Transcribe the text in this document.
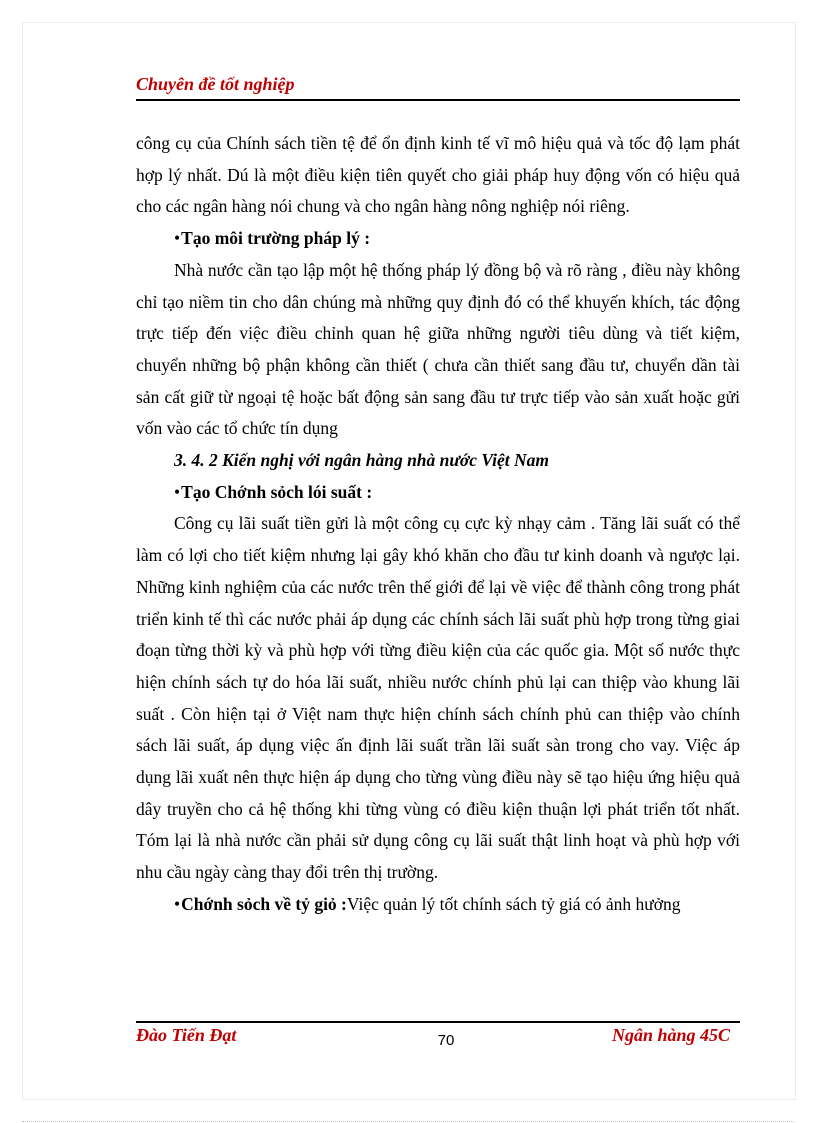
Chuyên đề tốt nghiệp

công cụ của Chính sách tiền tệ để ổn định kinh tế vĩ mô hiệu quả và tốc độ lạm phát hợp lý nhất. Dú là một điều kiện tiên quyết cho giải pháp huy động vốn có hiệu quả cho các ngân hàng nói chung và cho ngân hàng nông nghiệp nói riêng.

•Tạo môi trường pháp lý :

Nhà nước cần tạo lập một hệ thống pháp lý đồng bộ và rõ ràng , điều này không chỉ tạo niềm tin cho dân chúng mà những quy định đó có thể khuyến khích, tác động trực tiếp đến việc điều chỉnh quan hệ giữa những người tiêu dùng và tiết kiệm, chuyển những bộ phận không cần thiết ( chưa cần thiết sang đầu tư, chuyển dần tài sản cất giữ từ ngoại tệ hoặc bất động sản sang đầu tư trực tiếp vào sản xuất hoặc gửi vốn vào các tổ chức tín dụng

3. 4. 2 Kiến nghị với ngân hàng nhà nước Việt Nam

•Tạo Chớnh sỏch lói suất :

Công cụ lãi suất tiền gửi là một công cụ cực kỳ nhạy cảm . Tăng lãi suất có thể làm có lợi cho tiết kiệm nhưng lại gây khó khăn cho đầu tư kinh doanh và ngược lại. Những kinh nghiệm của các nước trên thế giới để lại về việc để thành công trong phát triển kinh tế thì các nước phải áp dụng các chính sách lãi suất phù hợp trong từng giai đoạn từng thời kỳ và phù hợp với từng điều kiện của các quốc gia. Một số nước thực hiện chính sách tự do hóa lãi suất, nhiều nước chính phủ lại can thiệp vào khung lãi suất . Còn hiện tại ở Việt nam thực hiện chính sách chính phủ can thiệp vào chính sách lãi suất, áp dụng việc ấn định lãi suất trần lãi suất sàn trong cho vay. Việc áp dụng lãi xuất nên thực hiện áp dụng cho từng vùng điều này sẽ tạo hiệu ứng hiệu quả dây truyền cho cả hệ thống khi từng vùng có điều kiện thuận lợi phát triển tốt nhất. Tóm lại là nhà nước cần phải sử dụng công cụ lãi suất thật linh hoạt và phù hợp với nhu cầu ngày càng thay đổi trên thị trường.

•Chớnh sỏch về tỷ giỏ :Việc quản lý tốt chính sách tỷ giá có ảnh hưởng

Đào Tiến Đạt	70	Ngân hàng 45C
